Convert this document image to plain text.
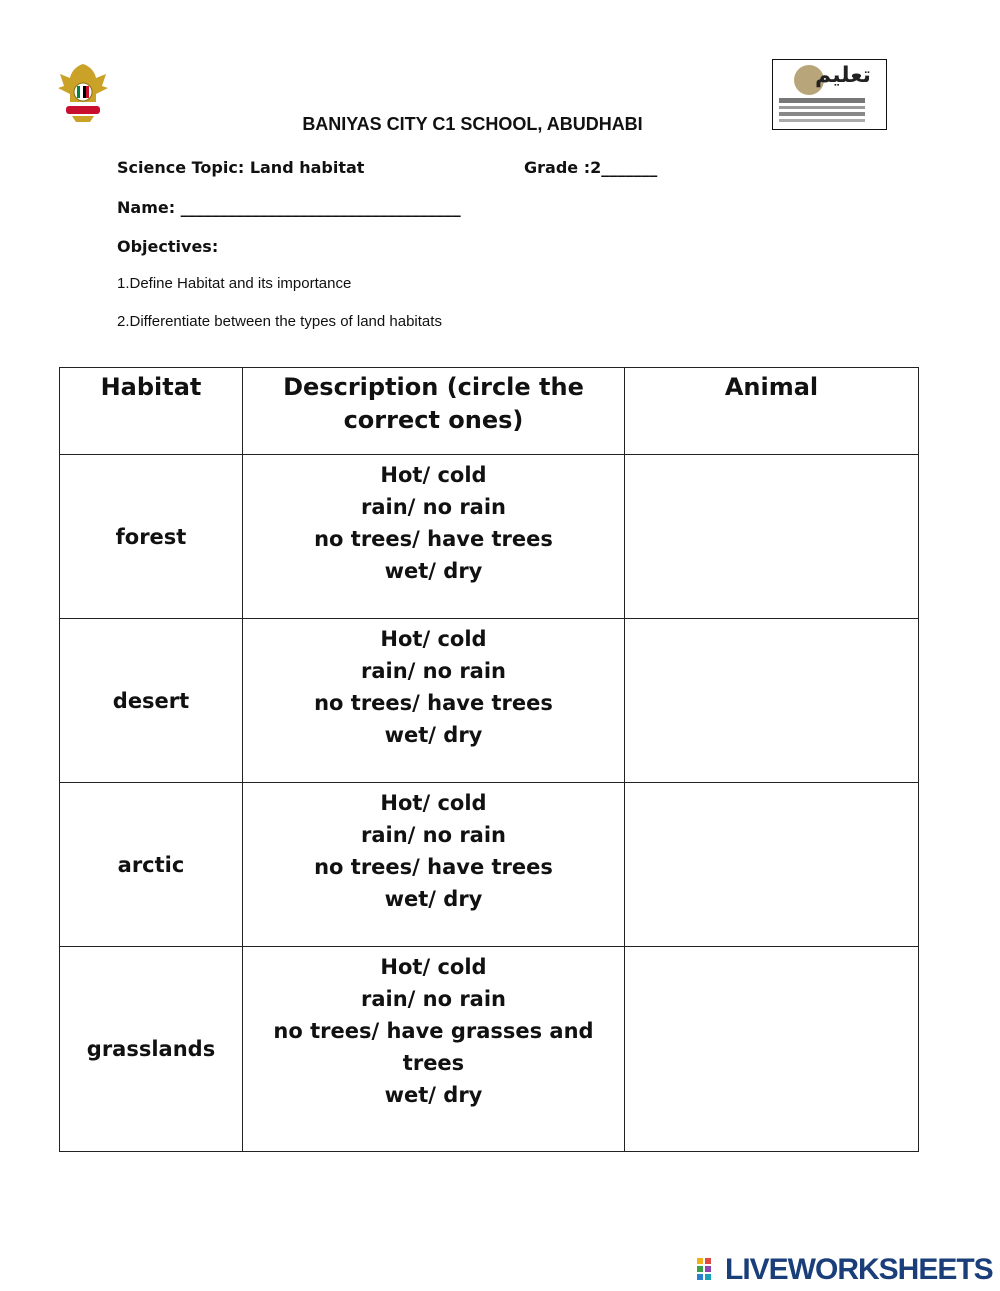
تعليم
BANIYAS CITY C1 SCHOOL, ABUDHABI
Science Topic: Land habitat	Grade :2_______
Name: ___________________________________
Objectives:
1.Define Habitat and its importance
2.Differentiate between the types of land habitats
Habitat	Description (circle the correct ones)	Animal
forest	Hot/ cold
rain/ no rain
no trees/ have trees
wet/ dry	

desert	Hot/ cold
rain/ no rain
no trees/ have trees
wet/ dry	

arctic	Hot/ cold
rain/ no rain
no trees/ have trees
wet/ dry	

grasslands	Hot/ cold
rain/ no rain
no trees/ have grasses and trees
wet/ dry	

LIVEWORKSHEETS
